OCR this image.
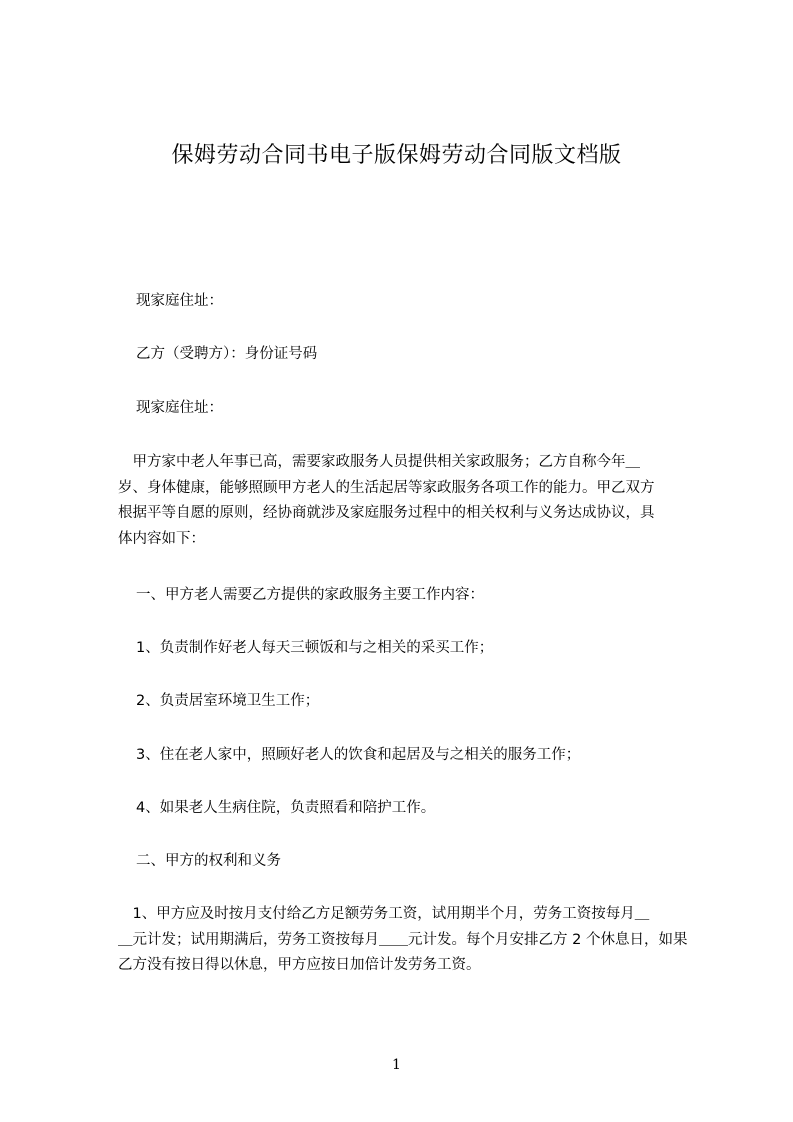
保姆劳动合同书电子版保姆劳动合同版文档版
现家庭住址：
乙方（受聘方）：身份证号码
现家庭住址：
　甲方家中老人年事已高，需要家政服务人员提供相关家政服务；乙方自称今年＿
岁、身体健康，能够照顾甲方老人的生活起居等家政服务各项工作的能力。甲乙双方
根据平等自愿的原则，经协商就涉及家庭服务过程中的相关权利与义务达成协议，具
体内容如下：
一、甲方老人需要乙方提供的家政服务主要工作内容：
1、负责制作好老人每天三顿饭和与之相关的采买工作；
2、负责居室环境卫生工作；
3、住在老人家中，照顾好老人的饮食和起居及与之相关的服务工作；
4、如果老人生病住院，负责照看和陪护工作。
二、甲方的权利和义务
　1、甲方应及时按月支付给乙方足额劳务工资，试用期半个月，劳务工资按每月＿
＿元计发；试用期满后，劳务工资按每月＿＿元计发。每个月安排乙方 2 个休息日，如果
乙方没有按日得以休息，甲方应按日加倍计发劳务工资。
1
